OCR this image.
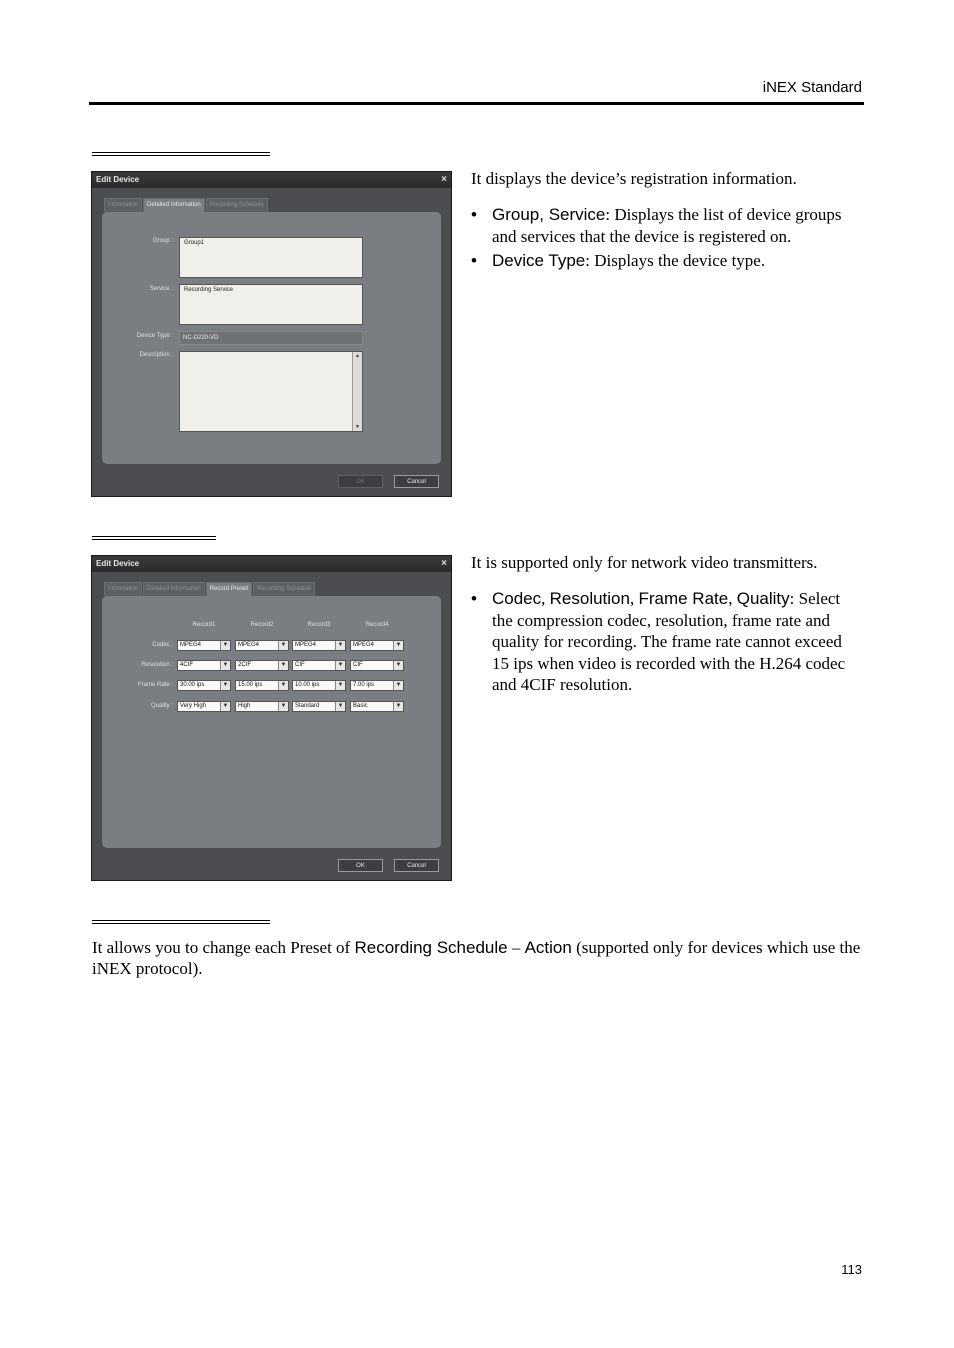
iNEX Standard
Edit Device	×
Information	Detailed Information	Recording Schedule
Group :	Group1
Service :	Recording Service
Device Type :	NC-D220-VD
Description :	▲
▼
OK	Cancel
It displays the device’s registration information.
• Group, Service: Displays the list of device groups and services that the device is registered on.
• Device Type: Displays the device type.
Edit Device	×
Information	Detailed Information	Record Preset	Recording Schedule
Record1	Record2	Record3	Record4
Codec :	MPEG4	▼	MPEG4	▼	MPEG4	▼	MPEG4	▼
Resolution :	4CIF	▼	2CIF	▼	CIF	▼	CIF	▼
Frame Rate :	30.00 ips	▼	15.00 ips	▼	10.00 ips	▼	7.00 ips	▼
Quality :	Very High	▼	High	▼	Standard	▼	Basic	▼
OK	Cancel
It is supported only for network video transmitters.
• Codec, Resolution, Frame Rate, Quality: Select the compression codec, resolution, frame rate and quality for recording. The frame rate cannot exceed 15 ips when video is recorded with the H.264 codec and 4CIF resolution.
It allows you to change each Preset of Recording Schedule – Action (supported only for devices which use the iNEX protocol).
113
